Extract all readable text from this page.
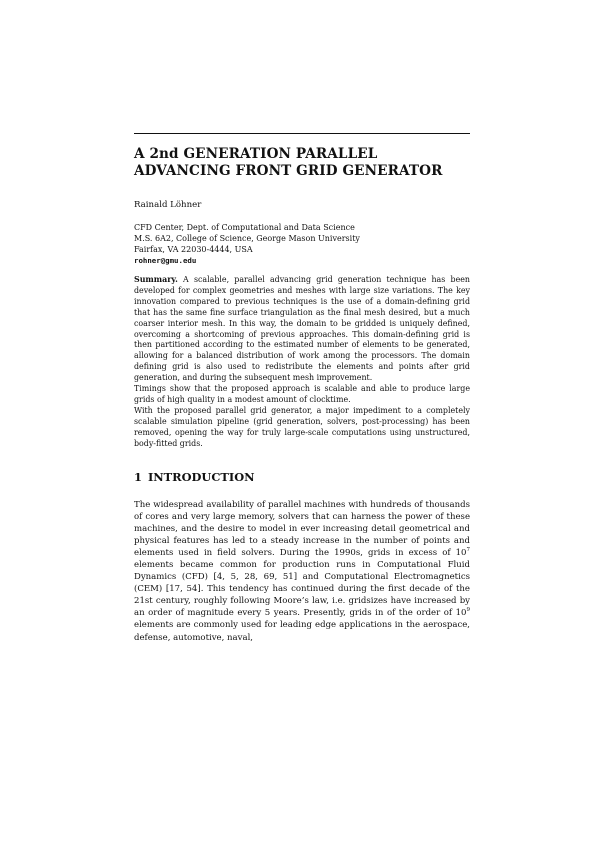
A 2nd GENERATION PARALLEL
ADVANCING FRONT GRID GENERATOR
Rainald Löhner
CFD Center, Dept. of Computational and Data Science
M.S. 6A2, College of Science, George Mason University
Fairfax, VA 22030-4444, USA
rohner@gmu.edu

Summary. A scalable, parallel advancing grid generation technique has been developed for complex geometries and meshes with large size variations. The key innovation compared to previous techniques is the use of a domain-defining grid that has the same fine surface triangulation as the final mesh desired, but a much coarser interior mesh. In this way, the domain to be gridded is uniquely defined, overcoming a shortcoming of previous approaches. This domain-defining grid is then partitioned according to the estimated number of elements to be generated, allowing for a balanced distribution of work among the processors. The domain defining grid is also used to redistribute the elements and points after grid generation, and during the subsequent mesh improvement.

Timings show that the proposed approach is scalable and able to produce large grids of high quality in a modest amount of clocktime.

With the proposed parallel grid generator, a major impediment to a completely scalable simulation pipeline (grid generation, solvers, post-processing) has been removed, opening the way for truly large-scale computations using unstructured, body-fitted grids.

1 INTRODUCTION

The widespread availability of parallel machines with hundreds of thousands of cores and very large memory, solvers that can harness the power of these machines, and the desire to model in ever increasing detail geometrical and physical features has led to a steady increase in the number of points and elements used in field solvers. During the 1990s, grids in excess of $10^7$ elements became common for production runs in Computational Fluid Dynamics (CFD) [4, 5, 28, 69, 51] and Computational Electromagnetics (CEM) [17, 54]. This tendency has continued during the first decade of the 21st century, roughly following Moore’s law, i.e. gridsizes have increased by an order of magnitude every 5 years. Presently, grids in of the order of $10^9$ elements are commonly used for leading edge applications in the aerospace, defense, automotive, naval,
